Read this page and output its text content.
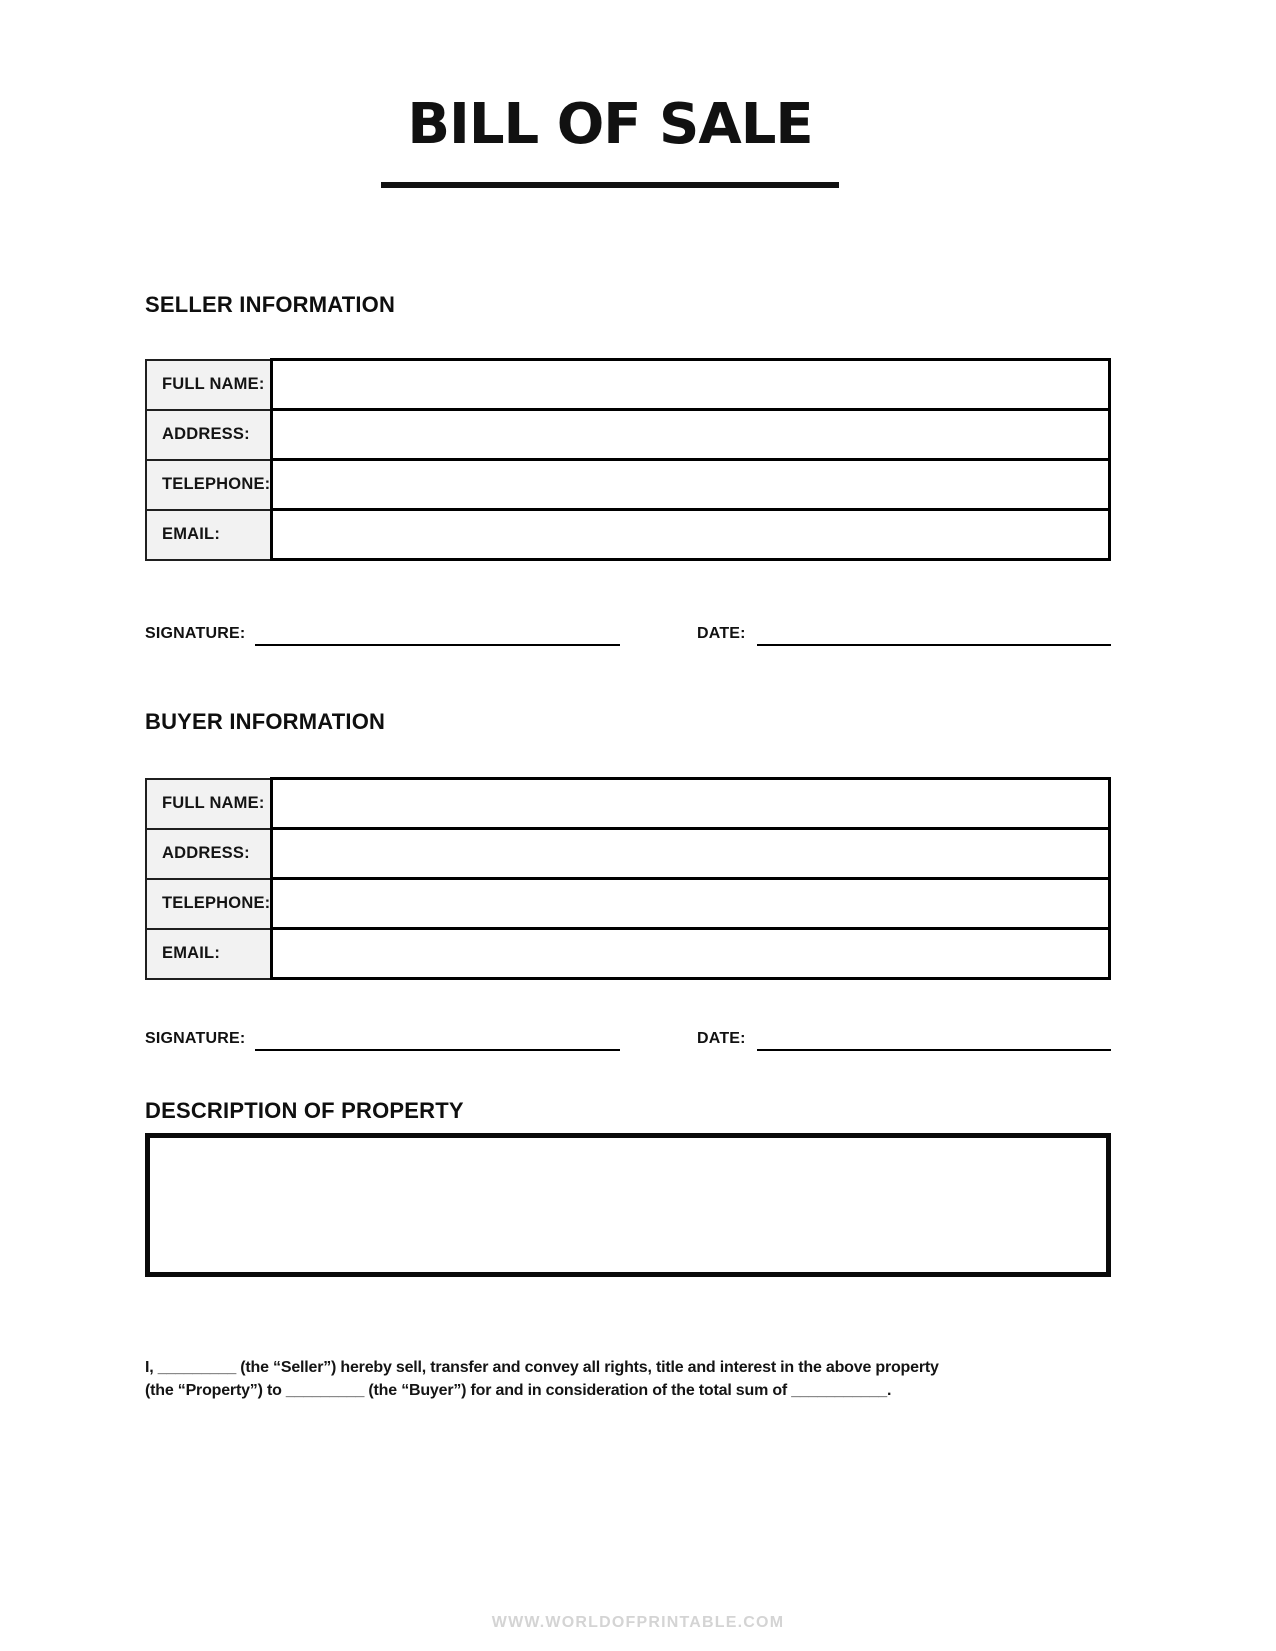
BILL OF SALE
SELLER INFORMATION
FULL NAME:	
ADDRESS:	
TELEPHONE:	
EMAIL:	
SIGNATURE:	DATE:
BUYER INFORMATION
FULL NAME:	
ADDRESS:	
TELEPHONE:	
EMAIL:	
SIGNATURE:	DATE:
DESCRIPTION OF PROPERTY
I, _________ (the “Seller”) hereby sell, transfer and convey all rights, title and interest in the above property
(the “Property”) to _________ (the “Buyer”) for and in consideration of the total sum of ___________.
WWW.WORLDOFPRINTABLE.COM
